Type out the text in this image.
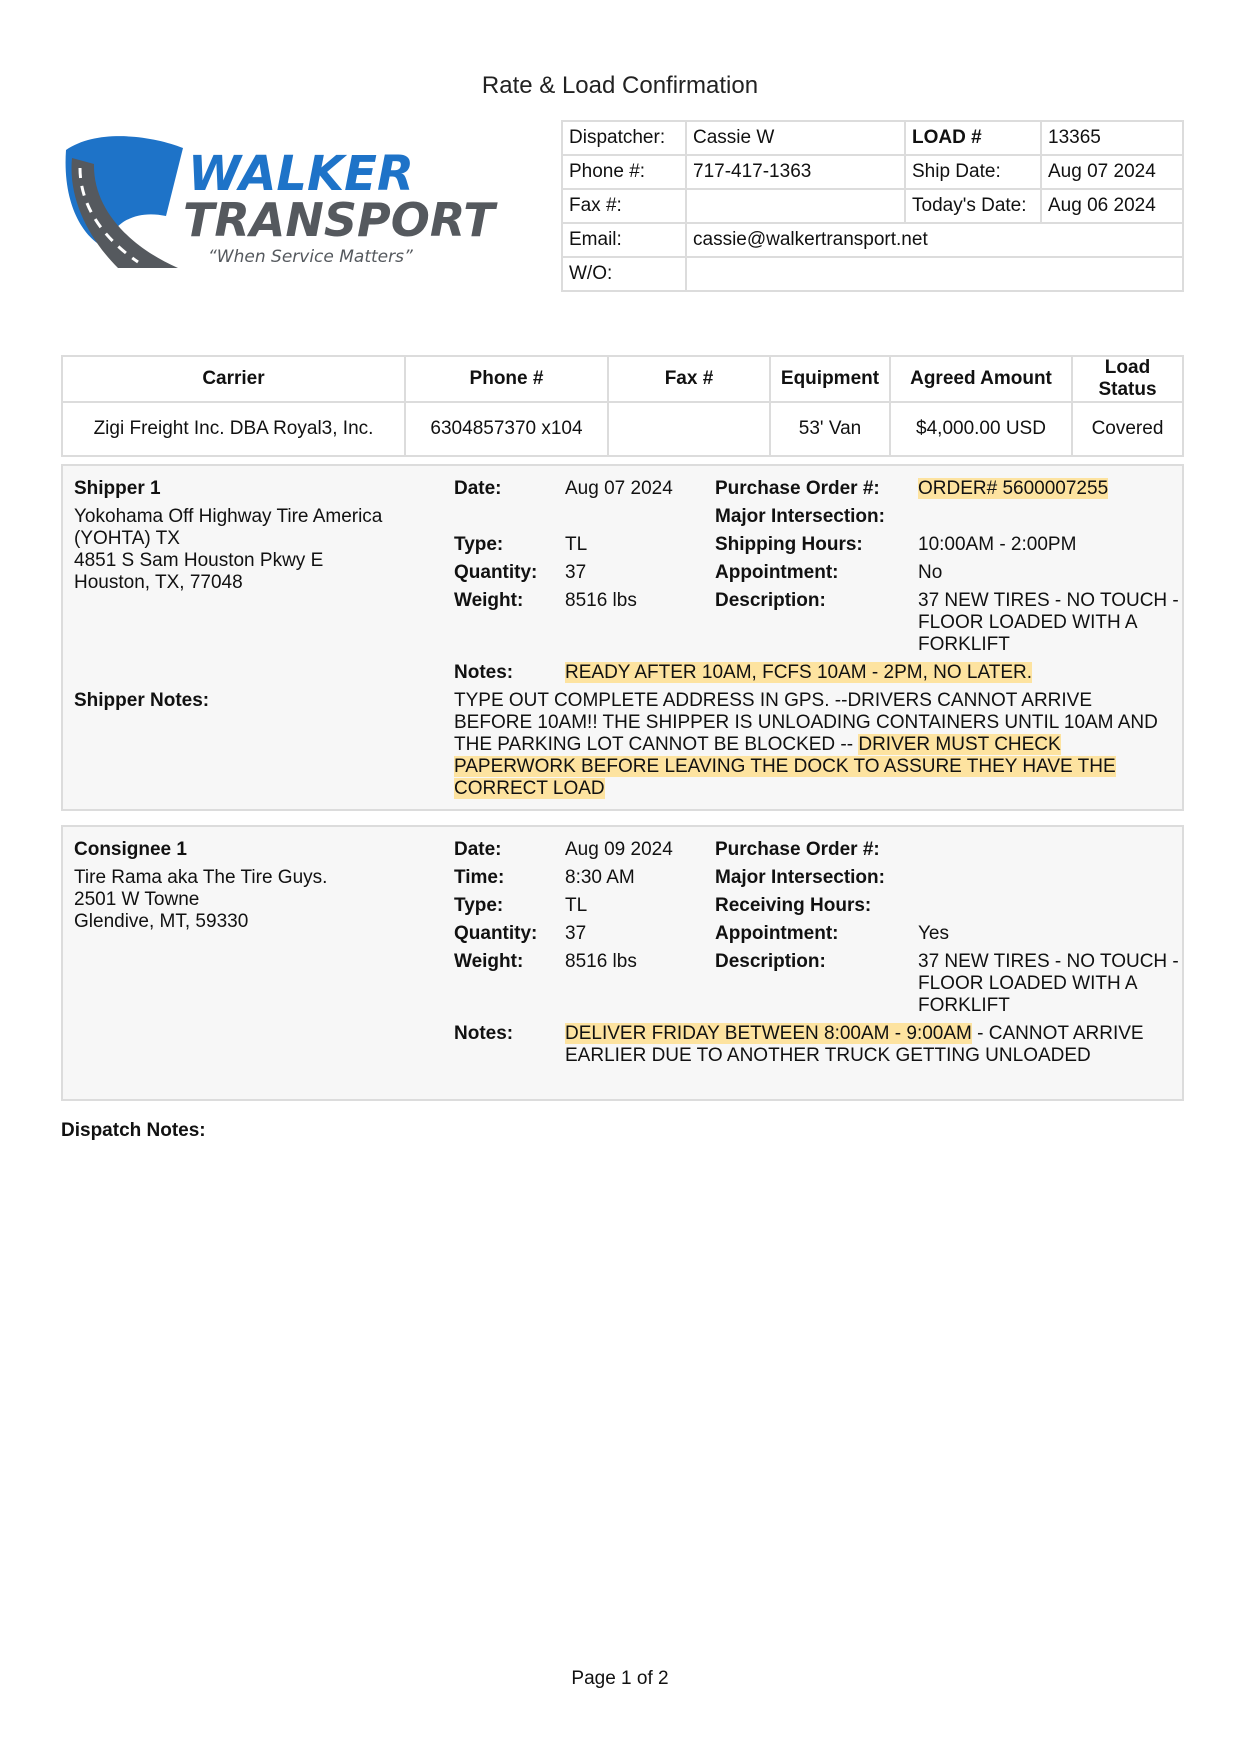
Rate & Load Confirmation
WALKER
TRANSPORT
“When Service Matters”
Dispatcher:	Cassie W	LOAD #	13365
Phone #:	717-417-1363	Ship Date:	Aug 07 2024
Fax #:		Today's Date:	Aug 06 2024
Email:	cassie@walkertransport.net		
W/O:			
Carrier	Phone #	Fax #	Equipment	Agreed Amount	Load Status
Zigi Freight Inc. DBA Royal3, Inc.	6304857370 x104		53' Van	$4,000.00 USD	Covered
Shipper 1
Yokohama Off Highway Tire America (YOHTA) TX
4851 S Sam Houston Pkwy E
Houston, TX, 77048
Date:	Aug 07 2024
Type:	TL
Quantity: 37
Weight: 8516 lbs
Purchase Order #: ORDER# 5600007255
Major Intersection:
Shipping Hours:	10:00AM - 2:00PM
Appointment:	No
Description:	37 NEW TIRES - NO TOUCH - FLOOR LOADED WITH A FORKLIFT
Notes:	READY AFTER 10AM, FCFS 10AM - 2PM, NO LATER.
Shipper Notes:	TYPE OUT COMPLETE ADDRESS IN GPS. --DRIVERS CANNOT ARRIVE BEFORE 10AM!! THE SHIPPER IS UNLOADING CONTAINERS UNTIL 10AM AND THE PARKING LOT CANNOT BE BLOCKED -- DRIVER MUST CHECK PAPERWORK BEFORE LEAVING THE DOCK TO ASSURE THEY HAVE THE CORRECT LOAD
Consignee 1
Tire Rama aka The Tire Guys.
2501 W Towne
Glendive, MT, 59330
Date:	Aug 09 2024
Time:	8:30 AM
Type:	TL
Quantity: 37
Weight: 8516 lbs
Purchase Order #:
Major Intersection:
Receiving Hours:
Appointment:	Yes
Description:	37 NEW TIRES - NO TOUCH - FLOOR LOADED WITH A FORKLIFT
Notes:	DELIVER FRIDAY BETWEEN 8:00AM - 9:00AM - CANNOT ARRIVE EARLIER DUE TO ANOTHER TRUCK GETTING UNLOADED
Dispatch Notes:
Page 1 of 2
